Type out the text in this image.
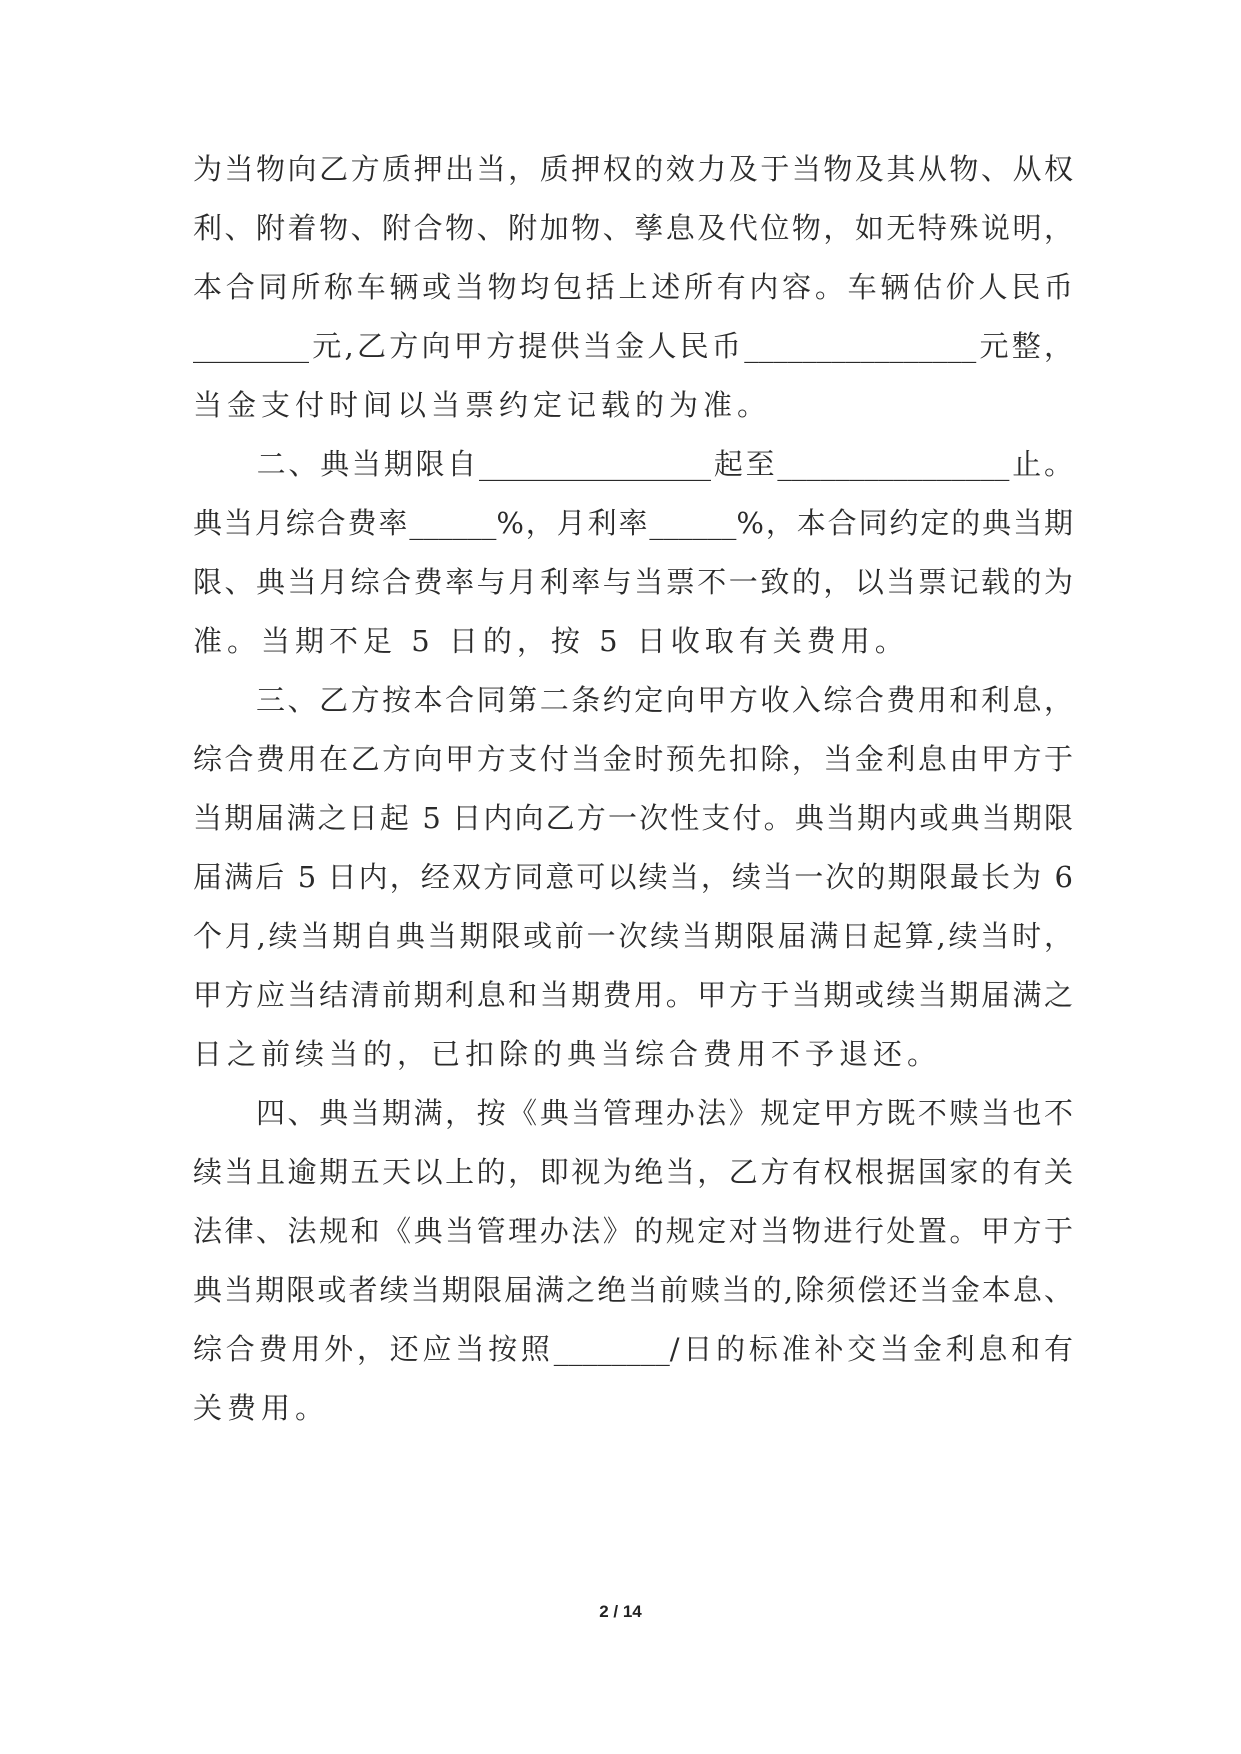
为当物向乙方质押出当，质押权的效力及于当物及其从物、从权
利、附着物、附合物、附加物、孳息及代位物，如无特殊说明，
本合同所称车辆或当物均包括上述所有内容。车辆估价人民币
________元,乙方向甲方提供当金人民币________________元整，
当金支付时间以当票约定记载的为准。
　　二、典当期限自________________起至________________止。
典当月综合费率______%，月利率______%，本合同约定的典当期
限、典当月综合费率与月利率与当票不一致的，以当票记载的为
准。当期不足 5 日的，按 5 日收取有关费用。
　　三、乙方按本合同第二条约定向甲方收入综合费用和利息，
综合费用在乙方向甲方支付当金时预先扣除，当金利息由甲方于
当期届满之日起 5 日内向乙方一次性支付。典当期内或典当期限
届满后 5 日内，经双方同意可以续当，续当一次的期限最长为 6
个月,续当期自典当期限或前一次续当期限届满日起算,续当时，
甲方应当结清前期利息和当期费用。甲方于当期或续当期届满之
日之前续当的，已扣除的典当综合费用不予退还。
　　四、典当期满，按《典当管理办法》规定甲方既不赎当也不
续当且逾期五天以上的，即视为绝当，乙方有权根据国家的有关
法律、法规和《典当管理办法》的规定对当物进行处置。甲方于
典当期限或者续当期限届满之绝当前赎当的,除须偿还当金本息、
综合费用外，还应当按照________/日的标准补交当金利息和有
关费用。
2 / 14
